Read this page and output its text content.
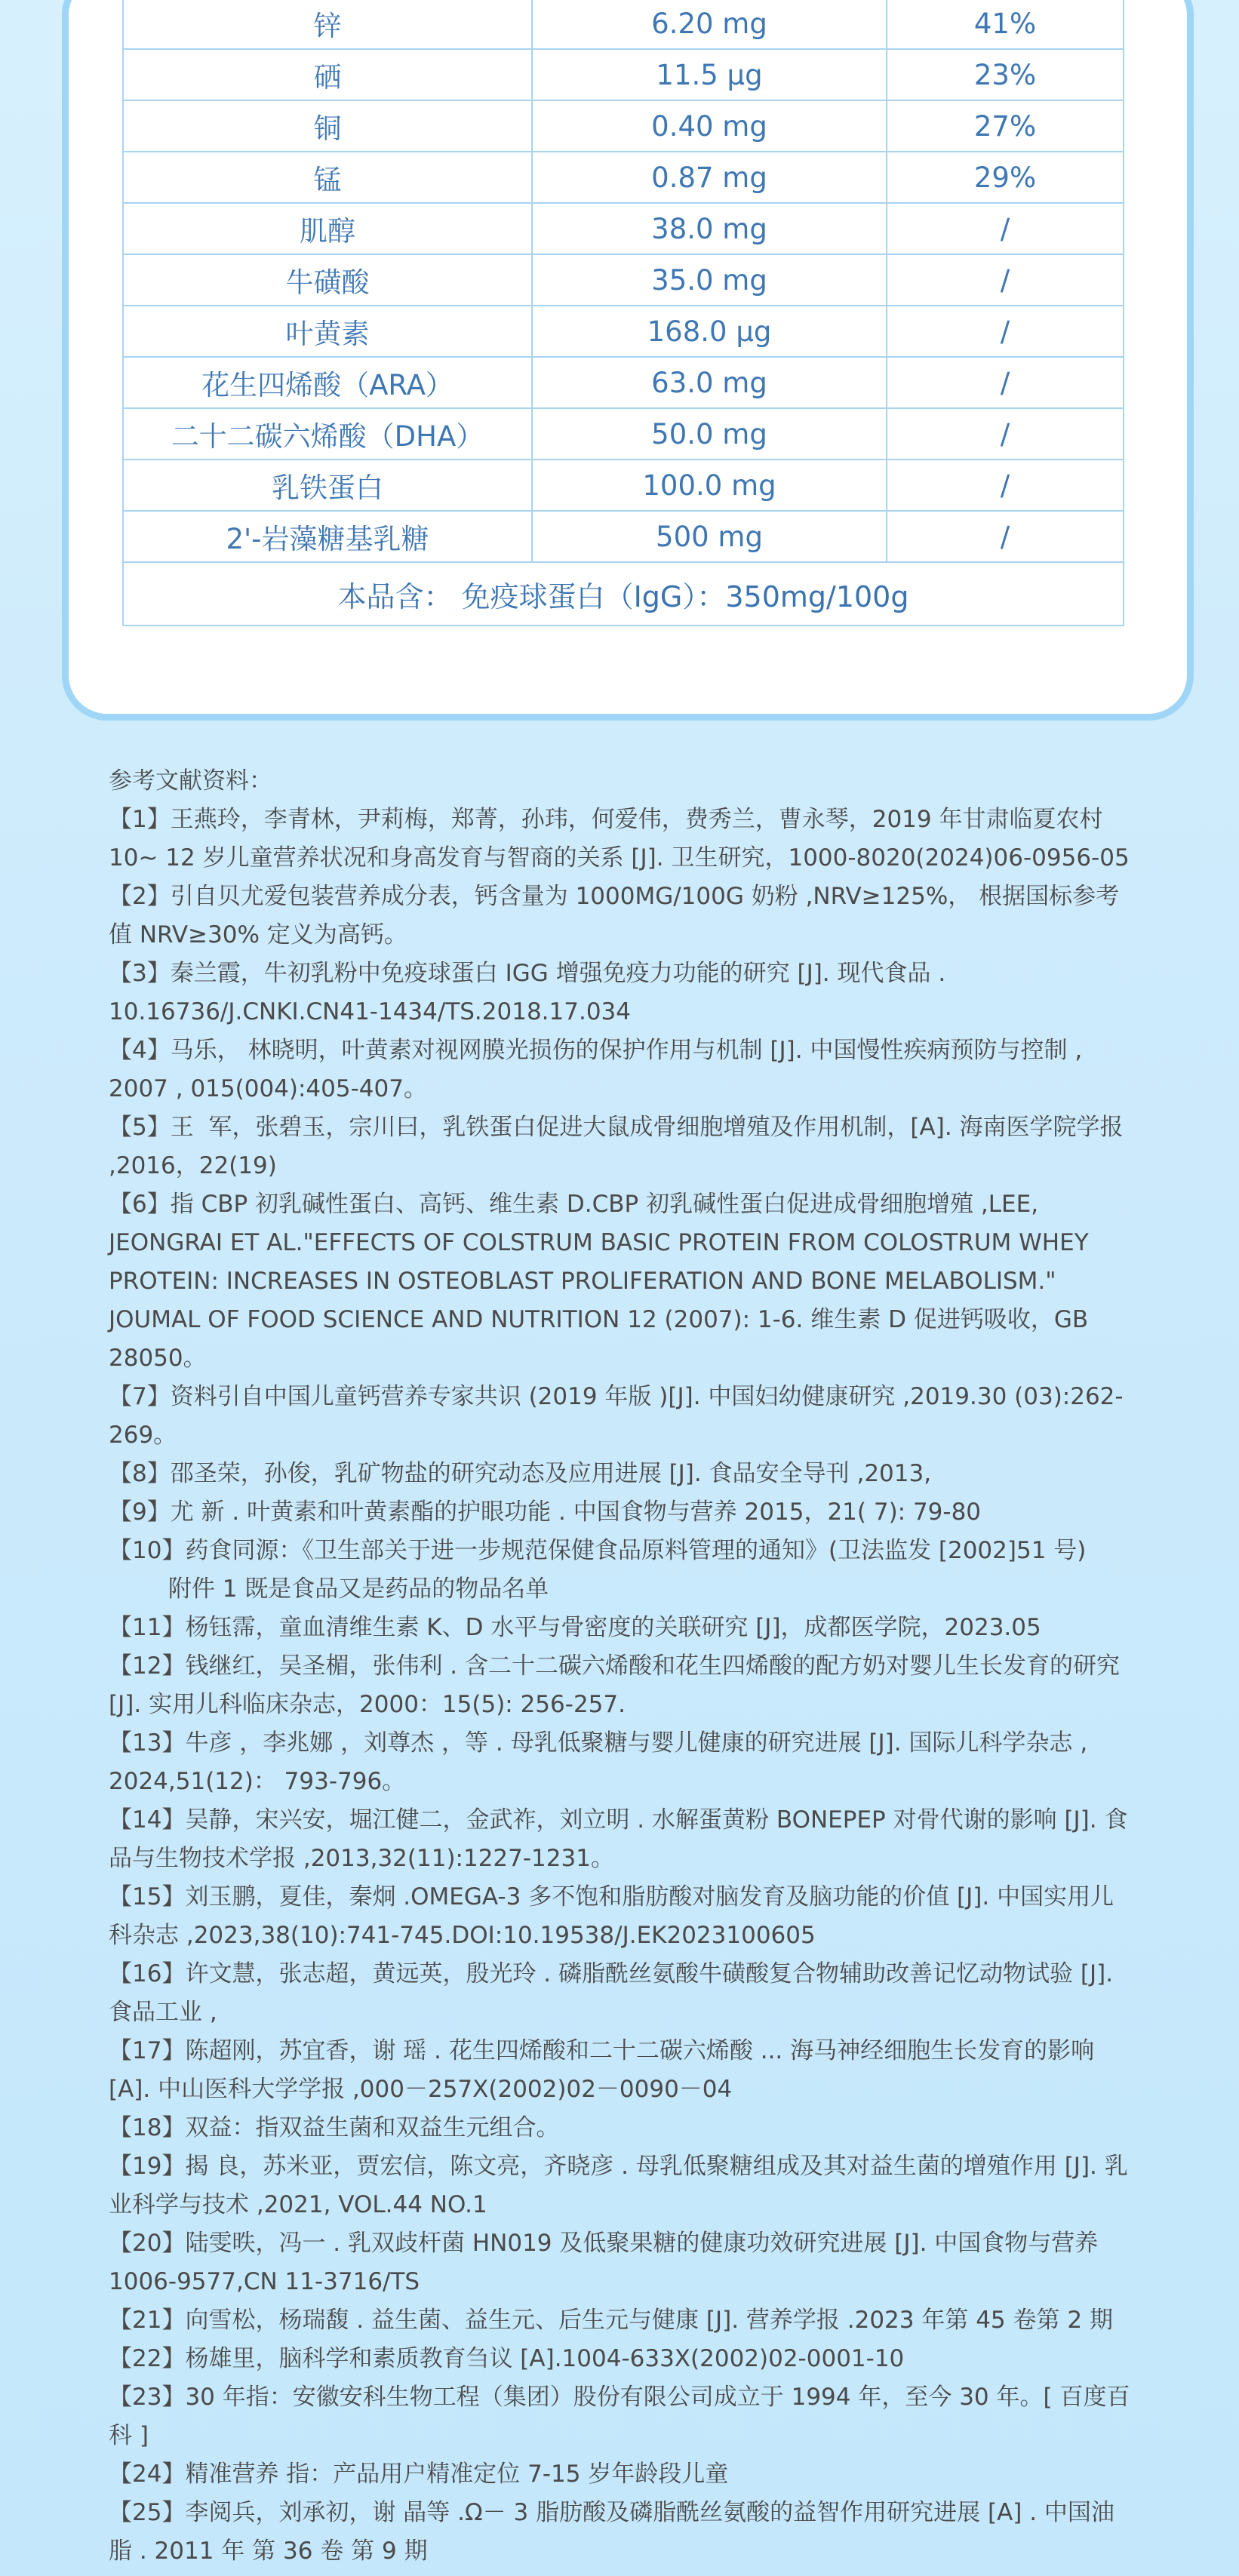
锌	6.20 mg	41%
硒	11.5 μg	23%
铜	0.40 mg	27%
锰	0.87 mg	29%
肌醇	38.0 mg	/
牛磺酸	35.0 mg	/
叶黄素	168.0 μg	/
花生四烯酸（ARA）	63.0 mg	/
二十二碳六烯酸（DHA）	50.0 mg	/
乳铁蛋白	100.0 mg	/
2'-岩藻糖基乳糖	500 mg	/
本品含： 免疫球蛋白（IgG）：350mg/100g		
参考文献资料：
【1】王燕玲，李青林，尹莉梅，郑菁，孙玮，何爱伟，费秀兰，曹永琴，2019 年甘肃临夏农村 10~ 12 岁儿童营养状况和身高发育与智商的关系 [J]. 卫生研究，1000-8020(2024)06-0956-05
【2】引自贝尤爱包装营养成分表，钙含量为 1000MG/100G 奶粉 ,NRV≥125%， 根据国标参考值 NRV≥30% 定义为高钙。
【3】秦兰霞，牛初乳粉中免疫球蛋白 IGG 增强免疫力功能的研究 [J]. 现代食品 . 10.16736/J.CNKI.CN41-1434/TS.2018.17.034
【4】马乐， 林晓明，叶黄素对视网膜光损伤的保护作用与机制 [J]. 中国慢性疾病预防与控制 , 2007 , 015(004):405-407。
【5】王  军，张碧玉，宗川曰，乳铁蛋白促进大鼠成骨细胞增殖及作用机制，[A]. 海南医学院学报 ,2016，22(19)
【6】指 CBP 初乳碱性蛋白、高钙、维生素 D.CBP 初乳碱性蛋白促进成骨细胞增殖 ,LEE, JEONGRAI ET AL."EFFECTS OF COLSTRUM BASIC PROTEIN FROM COLOSTRUM WHEY PROTEIN: INCREASES IN OSTEOBLAST PROLIFERATION AND BONE MELABOLISM." JOUMAL OF FOOD SCIENCE AND NUTRITION 12 (2007): 1-6. 维生素 D 促进钙吸收，GB 28050。
【7】资料引自中国儿童钙营养专家共识 (2019 年版 )[J]. 中国妇幼健康研究 ,2019.30 (03):262-269。
【8】邵圣荣，孙俊，乳矿物盐的研究动态及应用进展 [J]. 食品安全导刊 ,2013,
【9】尤 新 . 叶黄素和叶黄素酯的护眼功能 . 中国食物与营养 2015，21( 7): 79-80
【10】药食同源：《卫生部关于进一步规范保健食品原料管理的通知》(卫法监发 [2002]51 号)
附件 1 既是食品又是药品的物品名单
【11】杨钰霈，童血清维生素 K、D 水平与骨密度的关联研究 [J]，成都医学院，2023.05
【12】钱继红，吴圣楣，张伟利 . 含二十二碳六烯酸和花生四烯酸的配方奶对婴儿生长发育的研究 [J]. 实用儿科临床杂志，2000：15(5): 256-257.
【13】牛彦 ，李兆娜 ，刘尊杰 ，等 . 母乳低聚糖与婴儿健康的研究进展 [J]. 国际儿科学杂志 , 2024,51(12)： 793-796。
【14】吴静，宋兴安，堀江健二，金武祚，刘立明 . 水解蛋黄粉 BONEPEP 对骨代谢的影响 [J]. 食品与生物技术学报 ,2013,32(11):1227-1231。
【15】刘玉鹏，夏佳，秦炯 .OMEGA-3 多不饱和脂肪酸对脑发育及脑功能的价值 [J]. 中国实用儿科杂志 ,2023,38(10):741-745.DOI:10.19538/J.EK2023100605
【16】许文慧，张志超，黄远英，殷光玲 . 磷脂酰丝氨酸牛磺酸复合物辅助改善记忆动物试验 [J]. 食品工业 ,
【17】陈超刚，苏宜香，谢 瑶 . 花生四烯酸和二十二碳六烯酸 ... 海马神经细胞生长发育的影响 [A]. 中山医科大学学报 ,000－257X(2002)02－0090－04
【18】双益：指双益生菌和双益生元组合。
【19】揭 良，苏米亚，贾宏信，陈文亮，齐晓彦 . 母乳低聚糖组成及其对益生菌的增殖作用 [J]. 乳业科学与技术 ,2021, VOL.44 NO.1
【20】陆雯昳，冯一 . 乳双歧杆菌 HN019 及低聚果糖的健康功效研究进展 [J]. 中国食物与营养 1006-9577,CN 11-3716/TS
【21】向雪松，杨瑞馥 . 益生菌、益生元、后生元与健康 [J]. 营养学报 .2023 年第 45 卷第 2 期
【22】杨雄里，脑科学和素质教育刍议 [A].1004-633X(2002)02-0001-10
【23】30 年指：安徽安科生物工程（集团）股份有限公司成立于 1994 年，至今 30 年。[ 百度百科 ]
【24】精准营养 指：产品用户精准定位 7-15 岁年龄段儿童
【25】李阅兵，刘承初，谢 晶等 .Ω－ 3 脂肪酸及磷脂酰丝氨酸的益智作用研究进展 [A] . 中国油脂 . 2011 年 第 36 卷 第 9 期
